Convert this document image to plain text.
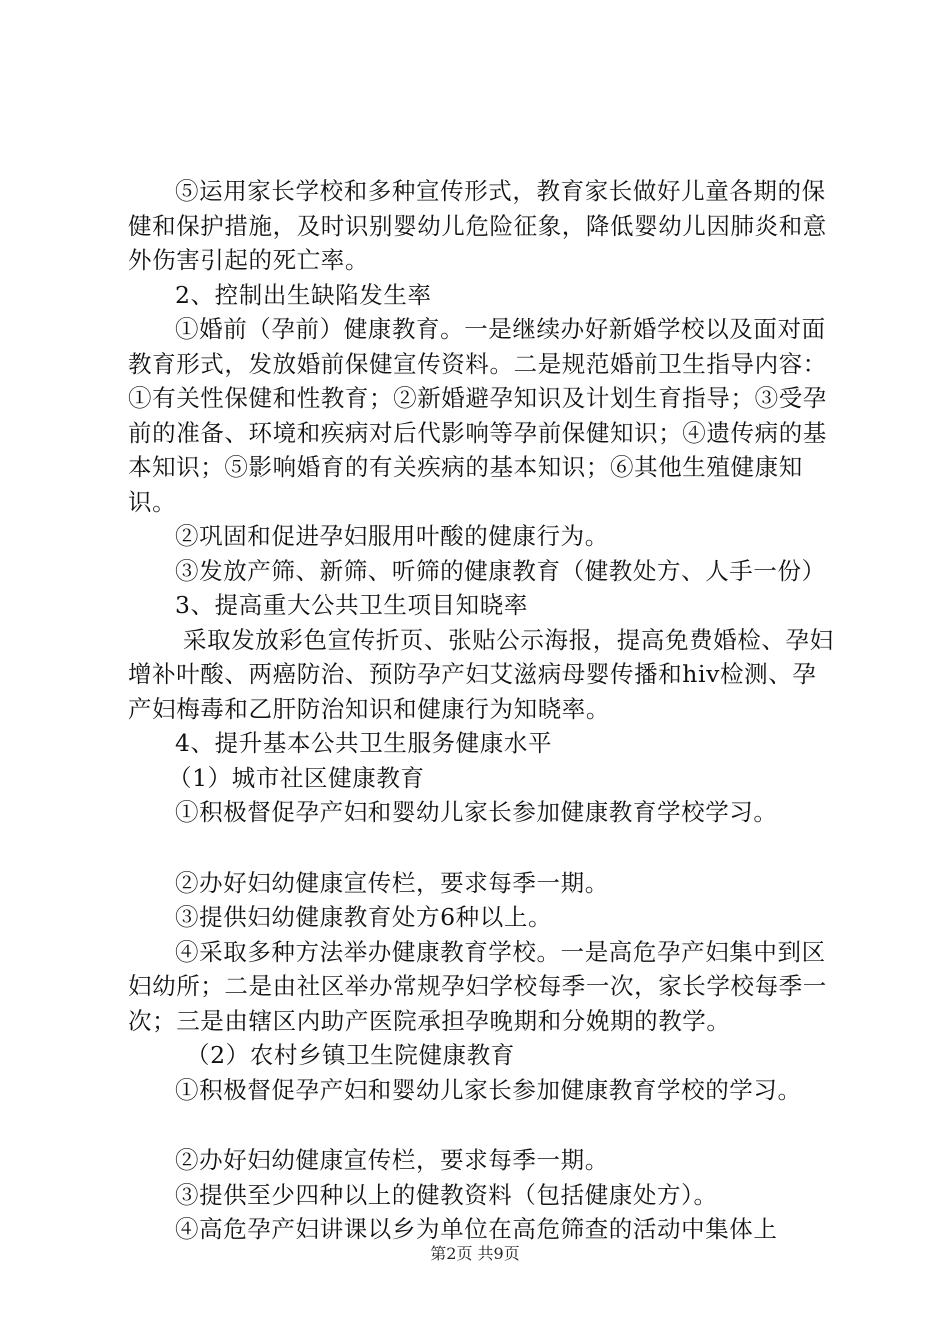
⑤运用家长学校和多种宣传形式，教育家长做好儿童各期的保健和保护措施，及时识别婴幼儿危险征象，降低婴幼儿因肺炎和意外伤害引起的死亡率。

2、控制出生缺陷发生率

①婚前（孕前）健康教育。一是继续办好新婚学校以及面对面教育形式，发放婚前保健宣传资料。二是规范婚前卫生指导内容：①有关性保健和性教育；②新婚避孕知识及计划生育指导；③受孕前的准备、环境和疾病对后代影响等孕前保健知识；④遗传病的基本知识；⑤影响婚育的有关疾病的基本知识；⑥其他生殖健康知识。

②巩固和促进孕妇服用叶酸的健康行为。

③发放产筛、新筛、听筛的健康教育（健教处方、人手一份）

3、提高重大公共卫生项目知晓率

采取发放彩色宣传折页、张贴公示海报，提高免费婚检、孕妇增补叶酸、两癌防治、预防孕产妇艾滋病母婴传播和hiv检测、孕产妇梅毒和乙肝防治知识和健康行为知晓率。

4、提升基本公共卫生服务健康水平

（1）城市社区健康教育

①积极督促孕产妇和婴幼儿家长参加健康教育学校学习。

②办好妇幼健康宣传栏，要求每季一期。

③提供妇幼健康教育处方6种以上。

④采取多种方法举办健康教育学校。一是高危孕产妇集中到区妇幼所；二是由社区举办常规孕妇学校每季一次，家长学校每季一次；三是由辖区内助产医院承担孕晚期和分娩期的教学。

（2）农村乡镇卫生院健康教育

①积极督促孕产妇和婴幼儿家长参加健康教育学校的学习。

②办好妇幼健康宣传栏，要求每季一期。

③提供至少四种以上的健教资料（包括健康处方）。

④高危孕产妇讲课以乡为单位在高危筛查的活动中集体上

第2页 共9页
